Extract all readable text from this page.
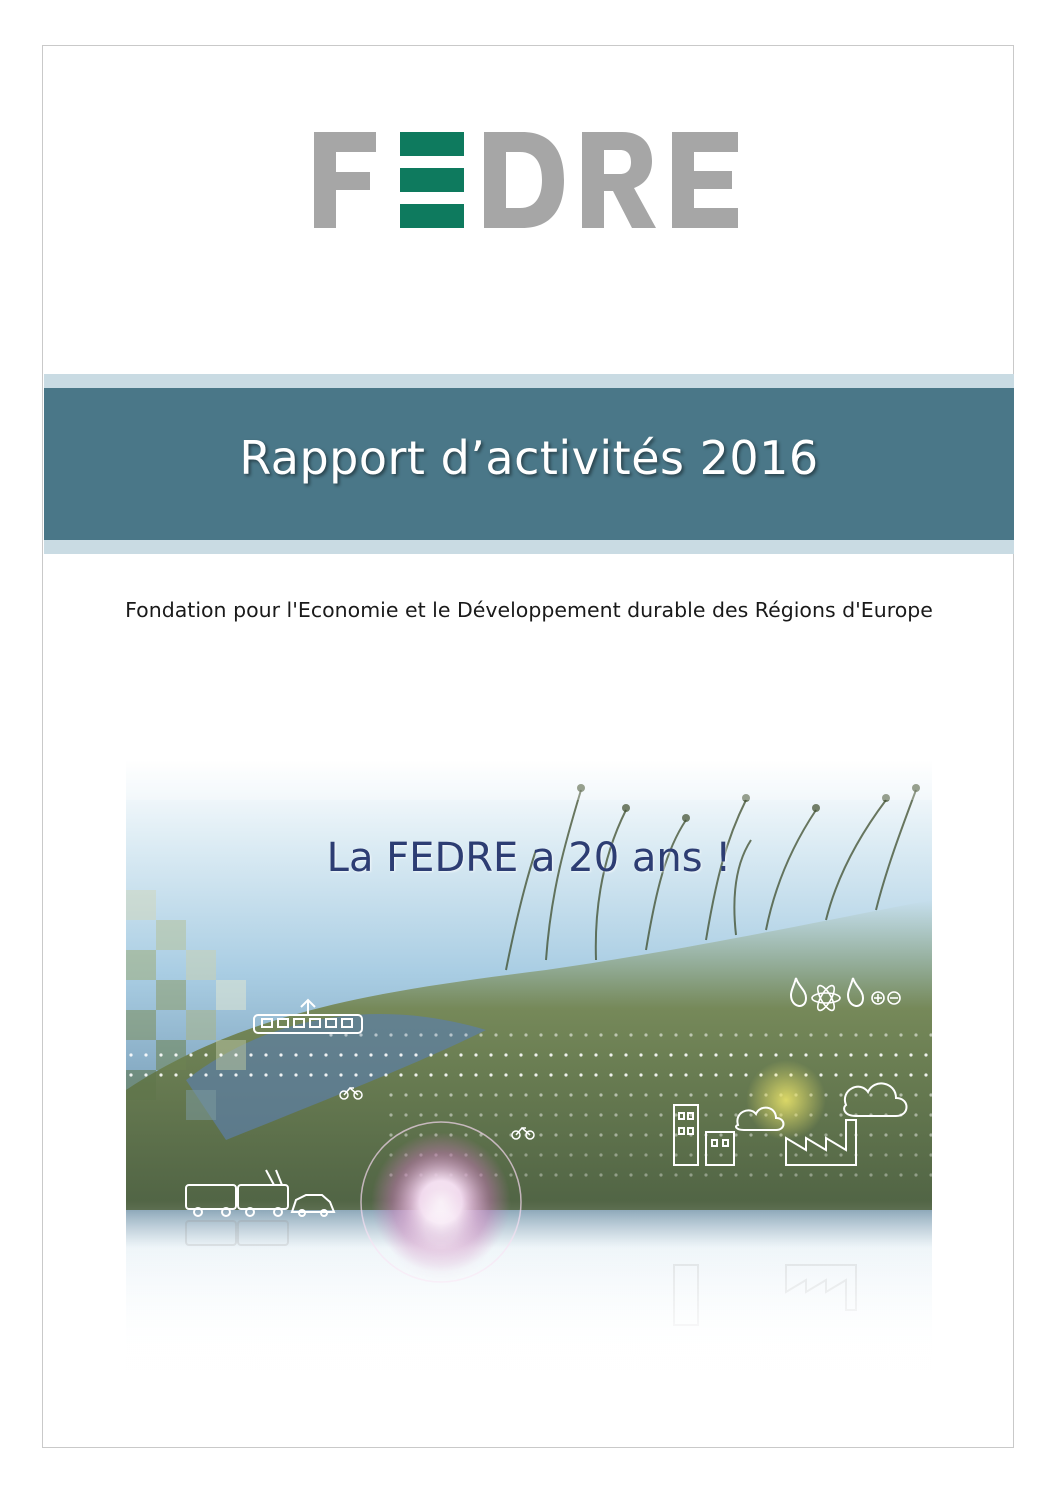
Rapport d’activités 2016
Fondation pour l'Economie et le Développement durable des Régions d'Europe
La FEDRE a 20 ans !
